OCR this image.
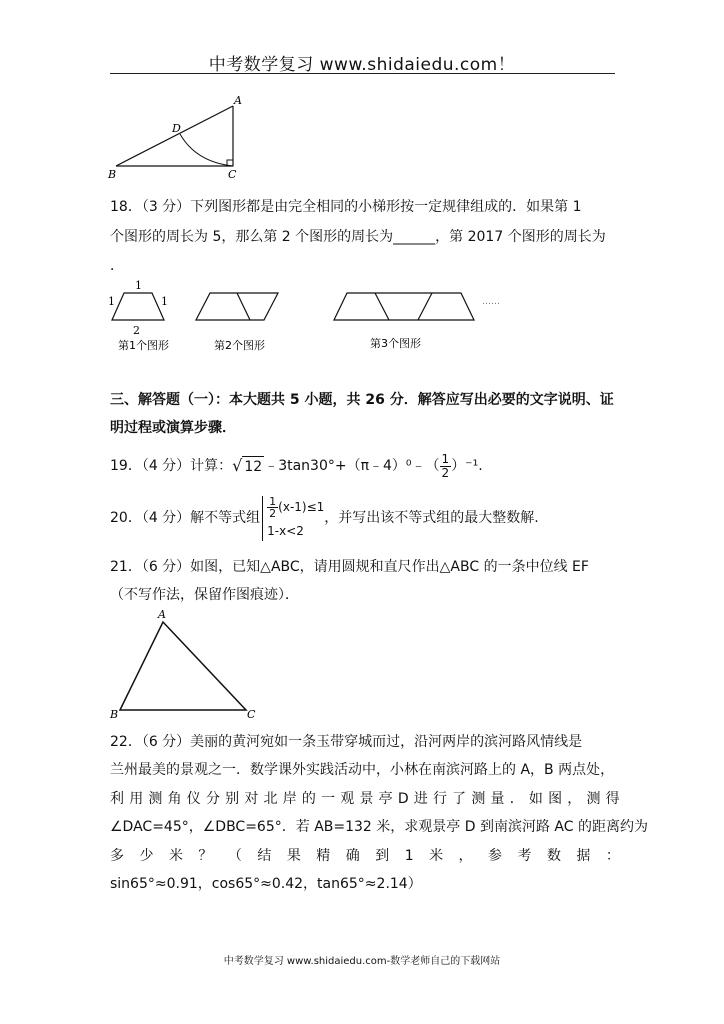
中考数学复习 www.shidaiedu.com！
A
B	C
D
18．（3 分）下列图形都是由完全相同的小梯形按一定规律组成的．如果第 1
个图形的周长为 5，那么第 2 个图形的周长为______，第 2017 个图形的周长为
．
1
1	1
2
……
第1个图形	第2个图形	第3个图形
三、解答题（一）：本大题共 5 小题，共 26 分．解答应写出必要的文字说明、证
明过程或演算步骤．
19．（4 分）计算： √ 12 ﹣3tan30°+（π﹣4）⁰﹣（ $\frac{1}{2} )^{-1}$.
20．（4 分）解不等式组 $\frac{1}{2} (x-1)\le 1$
1-x<2
，并写出该不等式组的最大整数解.
21．（6 分）如图，已知△ABC，请用圆规和直尺作出△ABC 的一条中位线 EF
（不写作法，保留作图痕迹）．
A
B	C
22．（6 分）美丽的黄河宛如一条玉带穿城而过，沿河两岸的滨河路风情线是
兰州最美的景观之一．数学课外实践活动中，小林在南滨河路上的 A，B 两点处，
利 用 测 角 仪 分 别 对 北 岸 的 一 观 景 亭 D 进 行 了 测 量 ． 如 图 ， 测 得
∠DAC=45°，∠DBC=65°．若 AB=132 米，求观景亭 D 到南滨河路 AC 的距离约为
多 少 米 ？ （ 结 果 精 确 到 1 米 ， 参 考 数 据 ：
sin65°≈0.91，cos65°≈0.42，tan65°≈2.14）
中考数学复习 www.shidaiedu.com-数学老师自己的下载网站
